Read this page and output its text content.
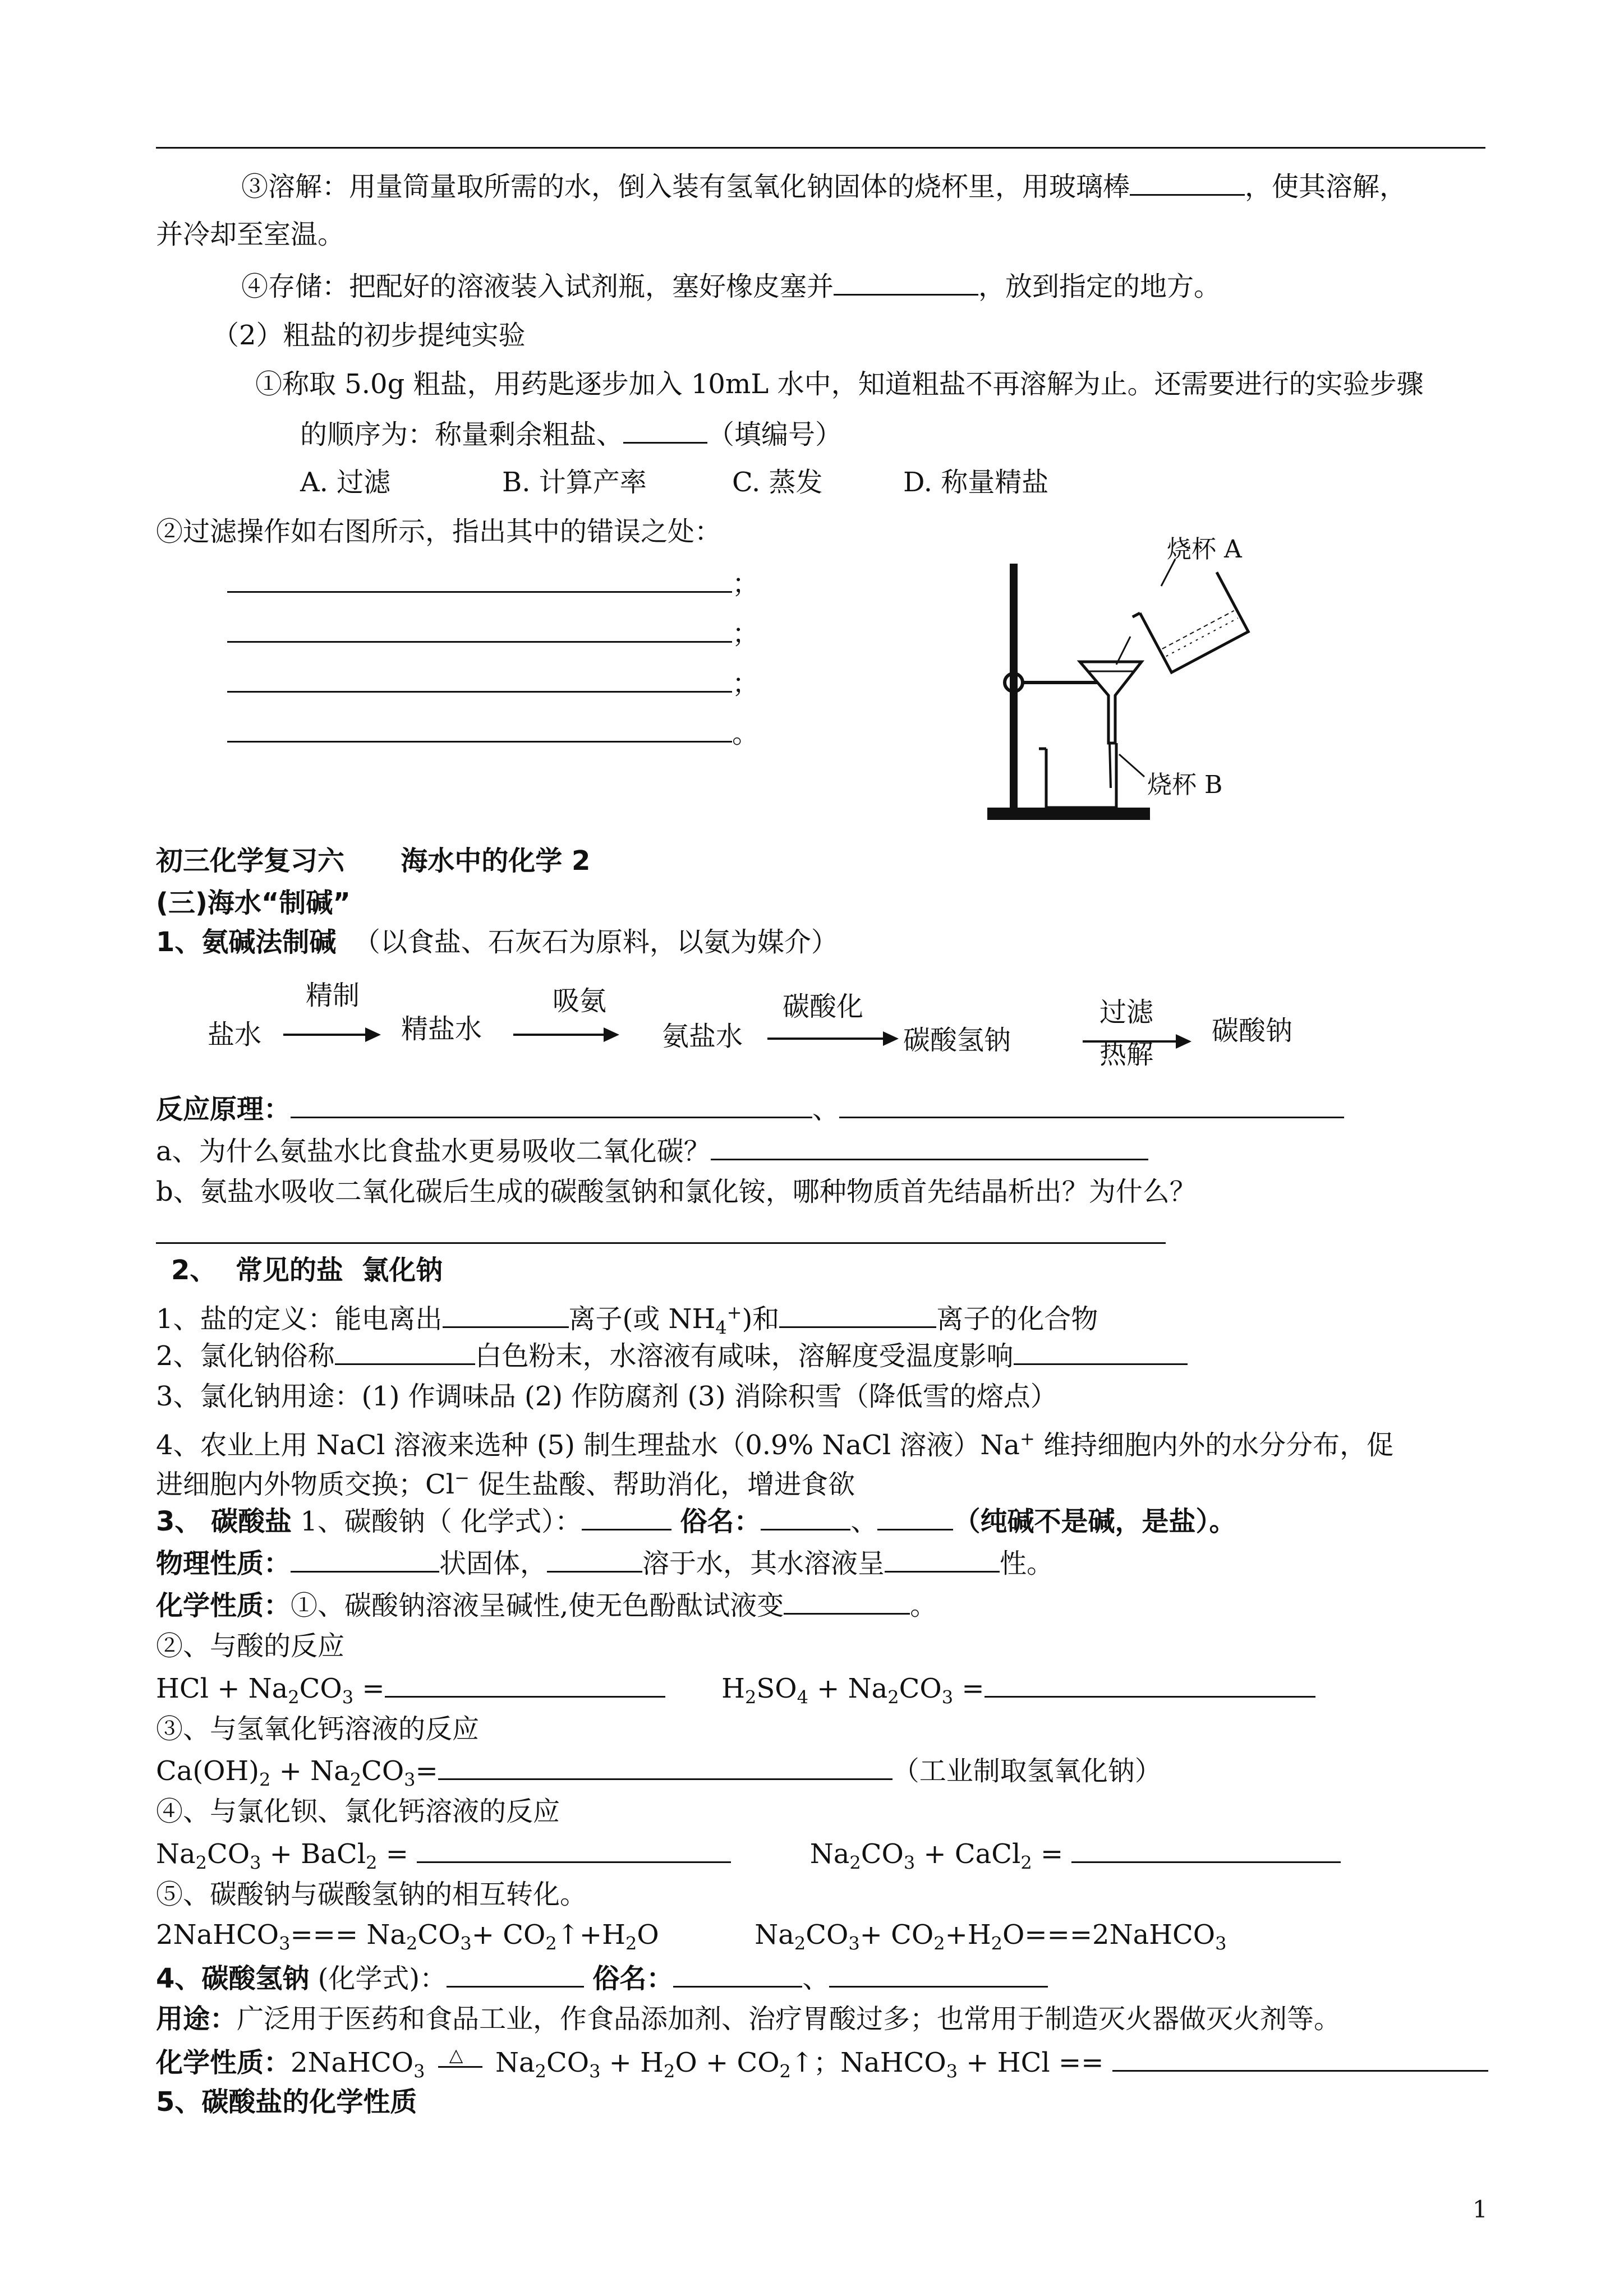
③溶解：用量筒量取所需的水，倒入装有氢氧化钠固体的烧杯里，用玻璃棒	，使其溶解，
并冷却至室温。
④存储：把配好的溶液装入试剂瓶，塞好橡皮塞并	，放到指定的地方。
（2）粗盐的初步提纯实验
①称取 5.0g 粗盐，用药匙逐步加入 10mL 水中，知道粗盐不再溶解为止。还需要进行的实验步骤
的顺序为：称量剩余粗盐、	（填编号）
A. 过滤	B. 计算产率	C. 蒸发	D. 称量精盐
②过滤操作如右图所示，指出其中的错误之处：
；
；
；
。
烧杯 A
烧杯 B
初三化学复习六      海水中的化学 2
(三)海水“制碱”
1、氨碱法制碱 （以食盐、石灰石为原料，以氨为媒介）
盐水
精制
精盐水
吸氨
氨盐水
碳酸化
碳酸氢钠
过滤
热解
碳酸钠
反应原理：	、
a、为什么氨盐水比食盐水更易吸收二氧化碳？
b、氨盐水吸收二氧化碳后生成的碳酸氢钠和氯化铵，哪种物质首先结晶析出？为什么？
2、  常见的盐  氯化钠
1、盐的定义：能电离出	离子(或 $NH_4^+$)和	离子的化合物
2、氯化钠俗称	白色粉末，水溶液有咸味，溶解度受温度影响
3、氯化钠用途：(1) 作调味品 (2) 作防腐剂 (3) 消除积雪（降低雪的熔点）
4、农业上用 NaCl 溶液来选种 (5) 制生理盐水（0.9% NaCl 溶液）Na+ 维持细胞内外的水分分布，促
进细胞内外物质交换；Cl− 促生盐酸、帮助消化，增进食欲
3、 碳酸盐 1、碳酸钠（ 化学式）：	俗名：	、	（纯碱不是碱，是盐）。
物理性质：	状固体，	溶于水，其水溶液呈	性。
化学性质：①、碳酸钠溶液呈碱性,使无色酚酞试液变	。
②、与酸的反应
HCl + $Na_2CO_3$ =	$H_2SO_4 + Na_2CO_3$ =
③、与氢氧化钙溶液的反应
$Ca(OH)_2 + Na_2CO_3=$	（工业制取氢氧化钠）
④、与氯化钡、氯化钙溶液的反应
$Na_2CO_3$ + BaCl$_2$ =	$Na_2CO_3$ + CaCl$_2$ =
⑤、碳酸钠与碳酸氢钠的相互转化。
2NaHCO$_3$=== $Na_2CO_3+$ $CO_2↑+H_2O$	$Na_2CO_3+$ $CO_2+H_2O===2NaHCO_3$
4、碳酸氢钠 (化学式)：	俗名：	、
用途：广泛用于医药和食品工业，作食品添加剂、治疗胃酸过多；也常用于制造灭火器做灭火剂等。
化学性质：2NaHCO$_3$
△ $Na_2CO_3 + H_2O$ + $CO_2↑$；NaHCO$_3$ + HCl ==
5、碳酸盐的化学性质
1
